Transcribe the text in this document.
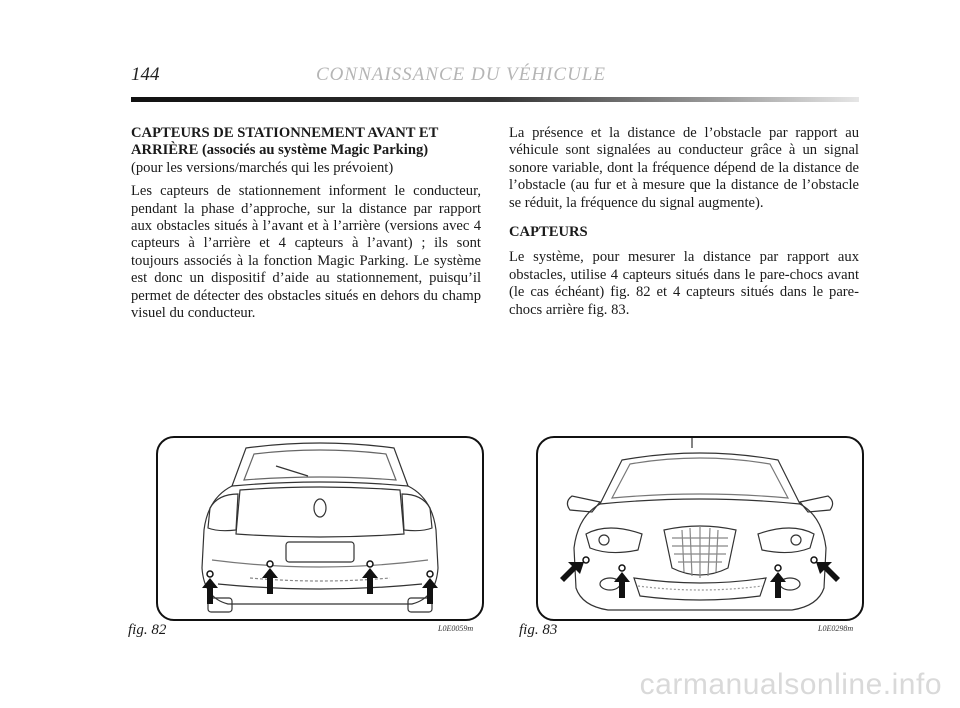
144	CONNAISSANCE DU VÉHICULE

CAPTEURS DE STATIONNEMENT AVANT ET

ARRIÈRE (associés au système Magic Parking)

(pour les versions/marchés qui les prévoient)

Les capteurs de stationnement informent le conducteur, pendant la phase d’approche, sur la distance par rapport aux obstacles situés à l’avant et à l’arrière (versions avec 4 capteurs à l’arrière et 4 capteurs à l’avant) ; ils sont toujours associés à la fonction Magic Parking. Le système est donc un dispositif d’aide au stationnement, puisqu’il permet de détecter des obstacles situés en dehors du champ visuel du conducteur.

La présence et la distance de l’obstacle par rapport au véhicule sont signalées au conducteur grâce à un signal sonore variable, dont la fréquence dépend de la distance de l’obstacle (au fur et à mesure que la distance de l’obstacle se réduit, la fréquence du signal augmente).

CAPTEURS

Le système, pour mesurer la distance par rapport aux obstacles, utilise 4 capteurs situés dans le pare-chocs avant (le cas échéant) fig. 82 et 4 capteurs situés dans le pare-chocs arrière fig. 83.

fig. 82	L0E0059m	fig. 83	L0E0298m
carmanualsonline.info
